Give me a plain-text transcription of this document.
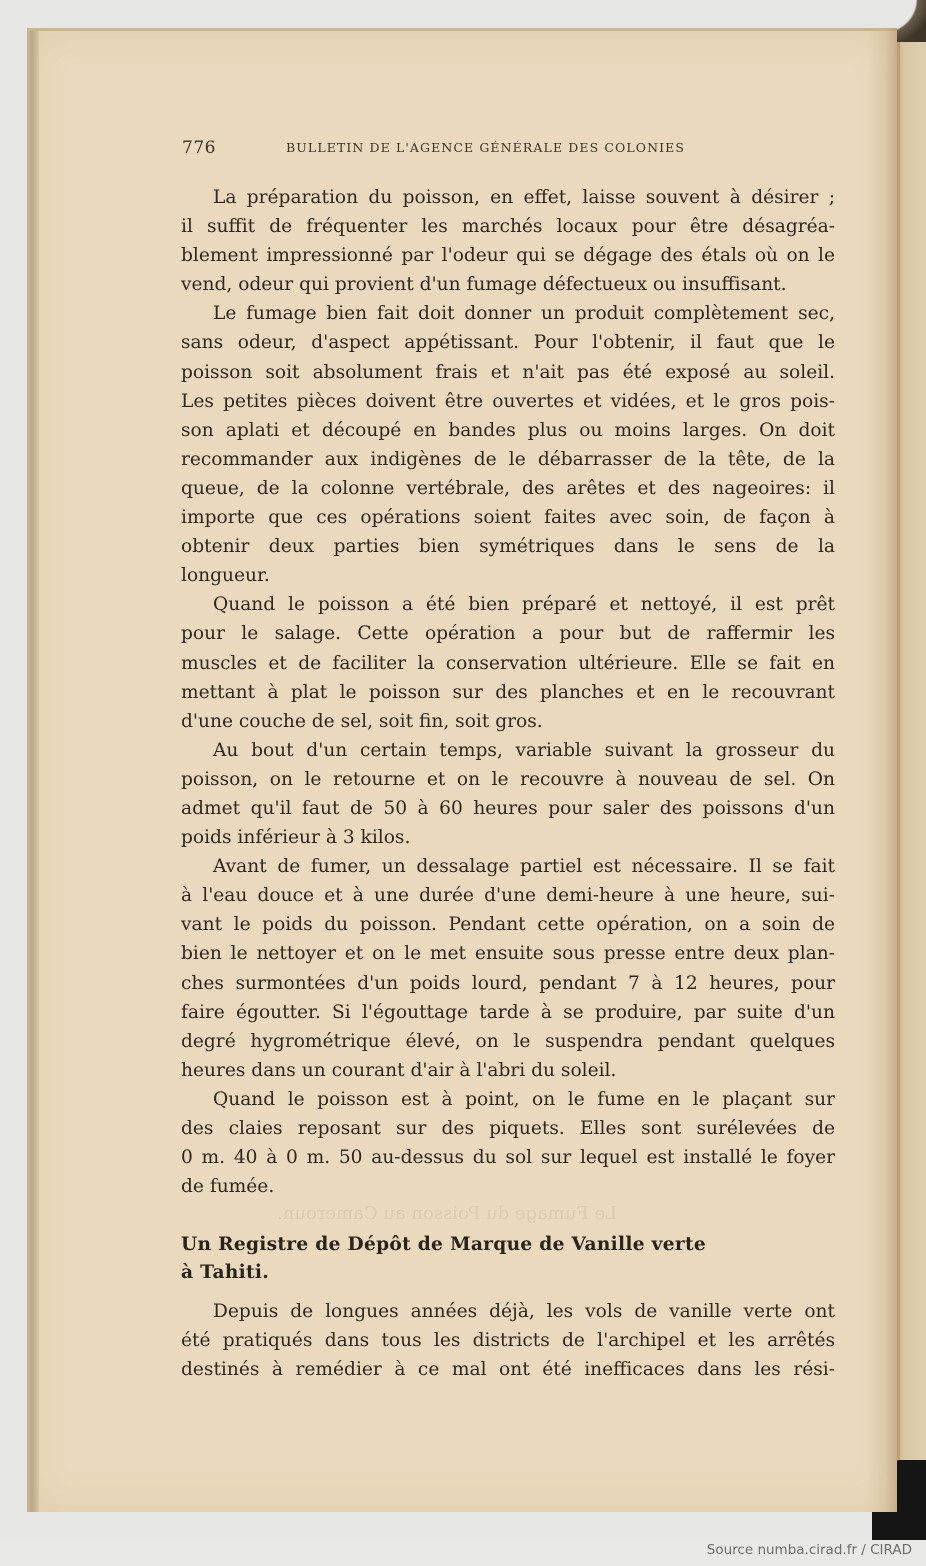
Le Fumage du Poisson au Cameroun.
776	BULLETIN DE L'AGENCE GÉNÉRALE DES COLONIES
La préparation du poisson, en effet, laisse souvent à désirer ;
il suffit de fréquenter les marchés locaux pour être désagréa-
blement impressionné par l'odeur qui se dégage des étals où on le
vend, odeur qui provient d'un fumage défectueux ou insuffisant.
Le fumage bien fait doit donner un produit complètement sec,
sans odeur, d'aspect appétissant. Pour l'obtenir, il faut que le
poisson soit absolument frais et n'ait pas été exposé au soleil.
Les petites pièces doivent être ouvertes et vidées, et le gros pois-
son aplati et découpé en bandes plus ou moins larges. On doit
recommander aux indigènes de le débarrasser de la tête, de la
queue, de la colonne vertébrale, des arêtes et des nageoires: il
importe que ces opérations soient faites avec soin, de façon à
obtenir deux parties bien symétriques dans le sens de la
longueur.
Quand le poisson a été bien préparé et nettoyé, il est prêt
pour le salage. Cette opération a pour but de raffermir les
muscles et de faciliter la conservation ultérieure. Elle se fait en
mettant à plat le poisson sur des planches et en le recouvrant
d'une couche de sel, soit fin, soit gros.
Au bout d'un certain temps, variable suivant la grosseur du
poisson, on le retourne et on le recouvre à nouveau de sel. On
admet qu'il faut de 50 à 60 heures pour saler des poissons d'un
poids inférieur à 3 kilos.
Avant de fumer, un dessalage partiel est nécessaire. Il se fait
à l'eau douce et à une durée d'une demi-heure à une heure, sui-
vant le poids du poisson. Pendant cette opération, on a soin de
bien le nettoyer et on le met ensuite sous presse entre deux plan-
ches surmontées d'un poids lourd, pendant 7 à 12 heures, pour
faire égoutter. Si l'égouttage tarde à se produire, par suite d'un
degré hygrométrique élevé, on le suspendra pendant quelques
heures dans un courant d'air à l'abri du soleil.
Quand le poisson est à point, on le fume en le plaçant sur
des claies reposant sur des piquets. Elles sont surélevées de
0 m. 40 à 0 m. 50 au-dessus du sol sur lequel est installé le foyer
de fumée.
Un Registre de Dépôt de Marque de Vanille verte
à Tahiti.
Depuis de longues années déjà, les vols de vanille verte ont
été pratiqués dans tous les districts de l'archipel et les arrêtés
destinés à remédier à ce mal ont été inefficaces dans les rési-
Source numba.cirad.fr / CIRAD
